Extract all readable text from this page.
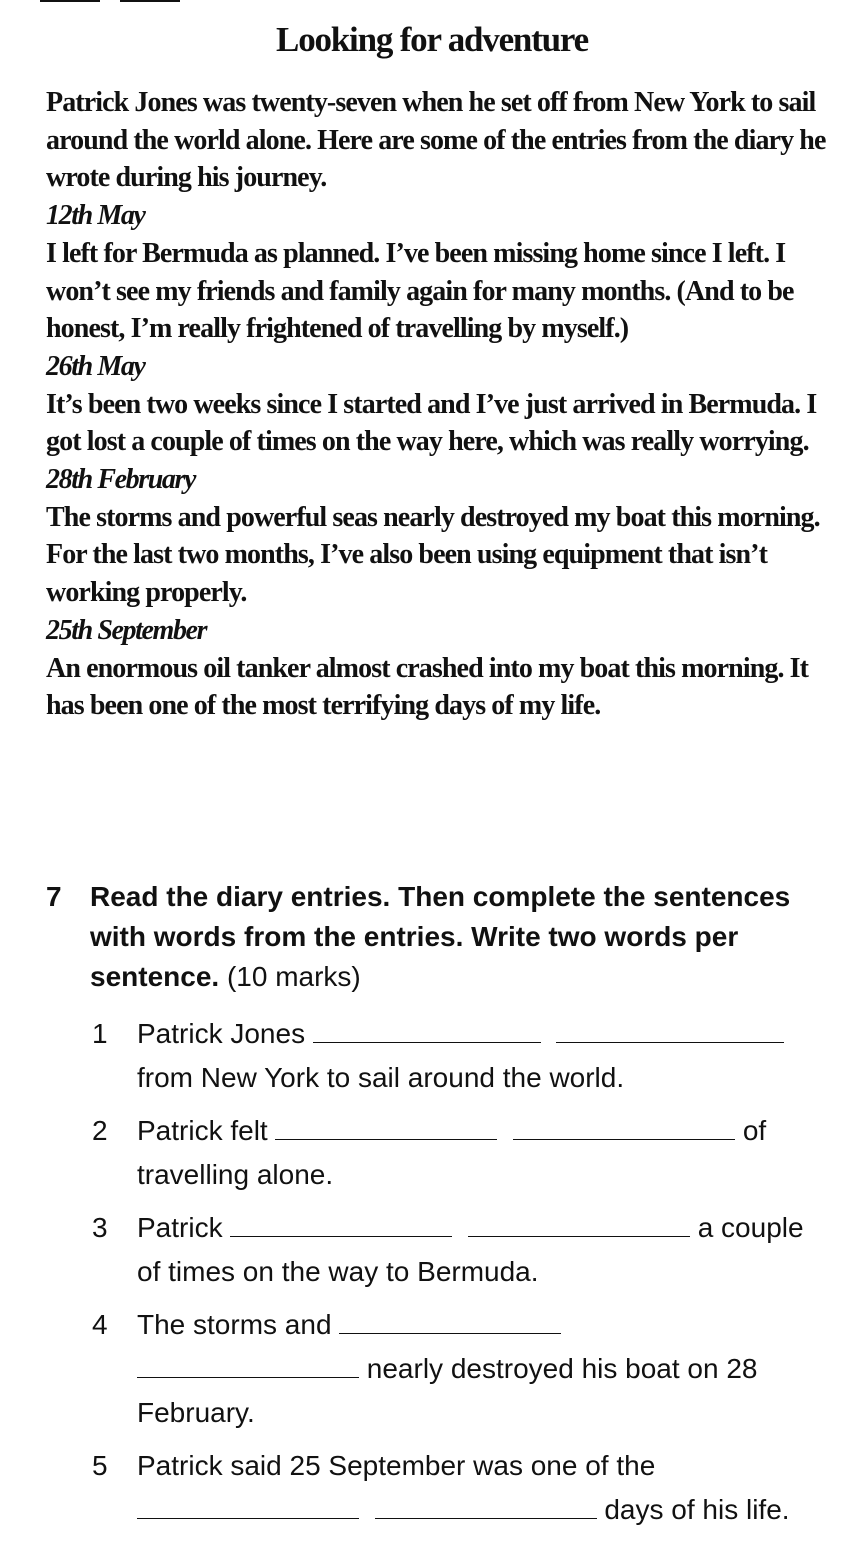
Looking for adventure

Patrick Jones was twenty-seven when he set off from New York to sail around the world alone. Here are some of the entries from the diary he wrote during his journey.

12th May

I left for Bermuda as planned. I’ve been missing home since I left. I won’t see my friends and family again for many months. (And to be honest, I’m really frightened of travelling by myself.)

26th May

It’s been two weeks since I started and I’ve just arrived in Bermuda. I got lost a couple of times on the way here, which was really worrying.

28th February

The storms and powerful seas nearly destroyed my boat this morning. For the last two months, I’ve also been using equipment that isn’t working properly.

25th September

An enormous oil tanker almost crashed into my boat this morning. It has been one of the most terrifying days of my life.

7 Read the diary entries. Then complete the sentences with words from the entries. Write two words per sentence. (10 marks)
1 Patrick Jones
from New York to sail around the world.
2 Patrick felt	of travelling alone.
3 Patrick	a couple of times on the way to Bermuda.
4 The storms and
nearly destroyed his boat on 28 February.
5 Patrick said 25 September was one of the
days of his life.
